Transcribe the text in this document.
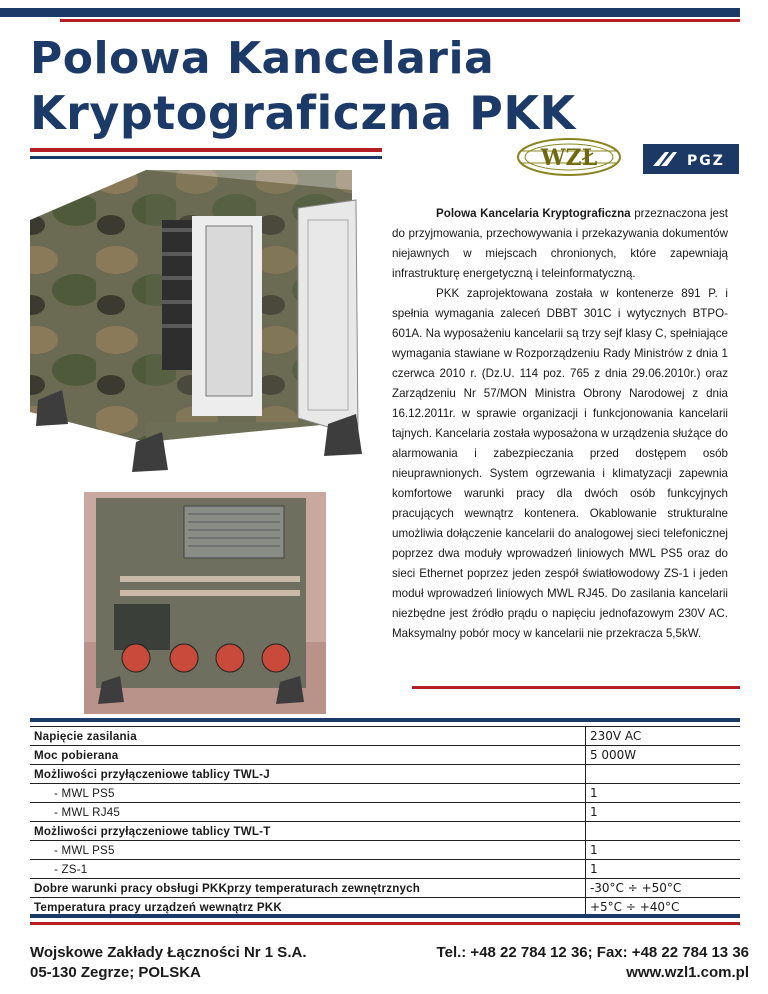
Polowa Kancelaria
Kryptograficzna PKK
WZŁ	PGZ

Polowa Kancelaria Kryptograficzna przeznaczona jest do przyjmowania, przechowywania i przekazywania dokumentów niejawnych w miejscach chronionych, które zapewniają infrastrukturę energetyczną i teleinformatyczną.

PKK zaprojektowana została w kontenerze 891 P. i spełnia wymagania zaleceń DBBT 301C i wytycznych BTPO-601A. Na wyposażeniu kancelarii są trzy sejf klasy C, spełniające wymagania stawiane w Rozporządzeniu Rady Ministrów z dnia 1 czerwca 2010 r. (Dz.U. 114 poz. 765 z dnia 29.06.2010r.) oraz Zarządzeniu Nr 57/MON Ministra Obrony Narodowej z dnia 16.12.2011r. w sprawie organizacji i funkcjonowania kancelarii tajnych. Kancelaria została wyposażona w urządzenia służące do alarmowania i zabezpieczania przed dostępem osób nieuprawnionych. System ogrzewania i klimatyzacji zapewnia komfortowe warunki pracy dla dwóch osób funkcyjnych pracujących wewnątrz kontenera. Okablowanie strukturalne umożliwia dołączenie kancelarii do analogowej sieci telefonicznej poprzez dwa moduły wprowadzeń liniowych MWL PS5 oraz do sieci Ethernet poprzez jeden zespół światłowodowy ZS-1 i jeden moduł wprowadzeń liniowych MWL RJ45. Do zasilania kancelarii niezbędne jest źródło prądu o napięciu jednofazowym 230V AC. Maksymalny pobór mocy w kancelarii nie przekracza 5,5kW.

Napięcie zasilania	230V AC
Moc pobierana	5 000W
Możliwości przyłączeniowe tablicy TWL-J	
- MWL PS5	1
- MWL RJ45	1
Możliwości przyłączeniowe tablicy TWL-T	
- MWL PS5	1
- ZS-1	1
Dobre warunki pracy obsługi PKKprzy temperaturach zewnętrznych	-30°C ÷ +50°C
Temperatura pracy urządzeń wewnątrz PKK	+5°C ÷ +40°C
Wojskowe Zakłady Łączności Nr 1 S.A.
05-130 Zegrze; POLSKA
Tel.: +48 22 784 12 36; Fax: +48 22 784 13 36
www.wzl1.com.pl
